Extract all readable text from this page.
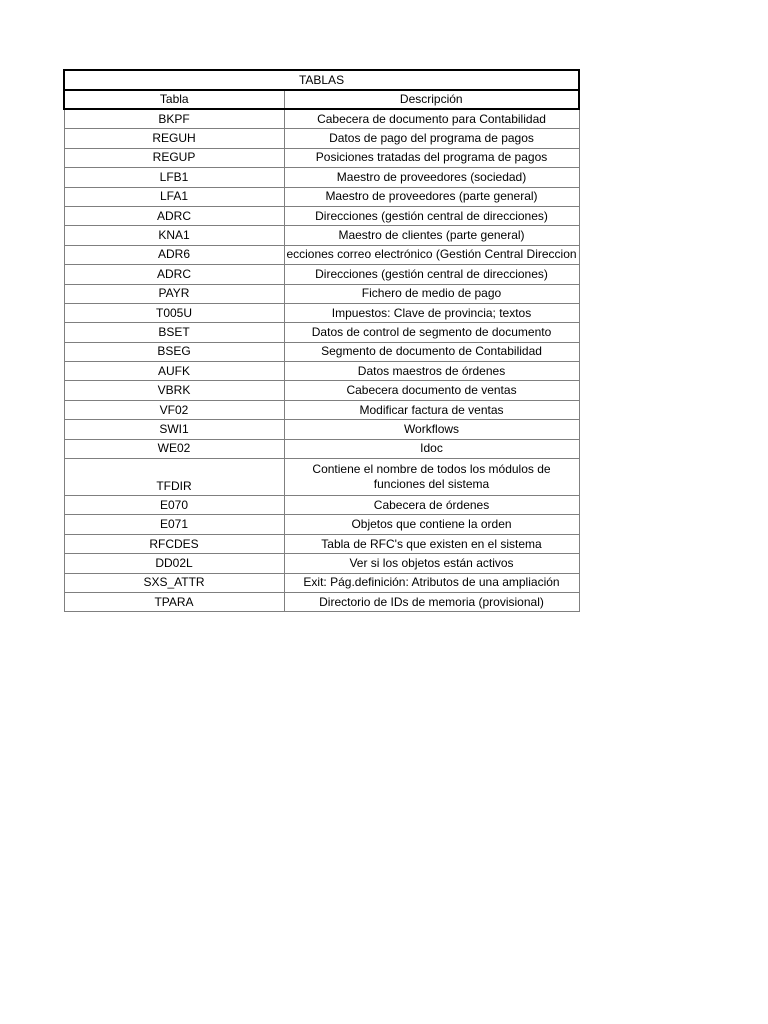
TABLAS	
Tabla	Descripción
BKPF	Cabecera de documento para Contabilidad
REGUH	Datos de pago del programa de pagos
REGUP	Posiciones tratadas del programa de pagos
LFB1	Maestro de proveedores (sociedad)
LFA1	Maestro de proveedores (parte general)
ADRC	Direcciones (gestión central de direcciones)
KNA1	Maestro de clientes (parte general)
ADR6	ecciones correo electrónico (Gestión Central Direccion
ADRC	Direcciones (gestión central de direcciones)
PAYR	Fichero de medio de pago
T005U	Impuestos: Clave de provincia; textos
BSET	Datos de control de segmento de documento
BSEG	Segmento de documento de Contabilidad
AUFK	Datos maestros de órdenes
VBRK	Cabecera documento de ventas
VF02	Modificar factura de ventas
SWI1	Workflows
WE02	Idoc
TFDIR	Contiene el nombre de todos los módulos de funciones del sistema
E070	Cabecera de órdenes
E071	Objetos que contiene la orden
RFCDES	Tabla de RFC's que existen en el sistema
DD02L	Ver si los objetos están activos
SXS_ATTR	Exit: Pág.definición: Atributos de una ampliación
TPARA	Directorio de IDs de memoria (provisional)
